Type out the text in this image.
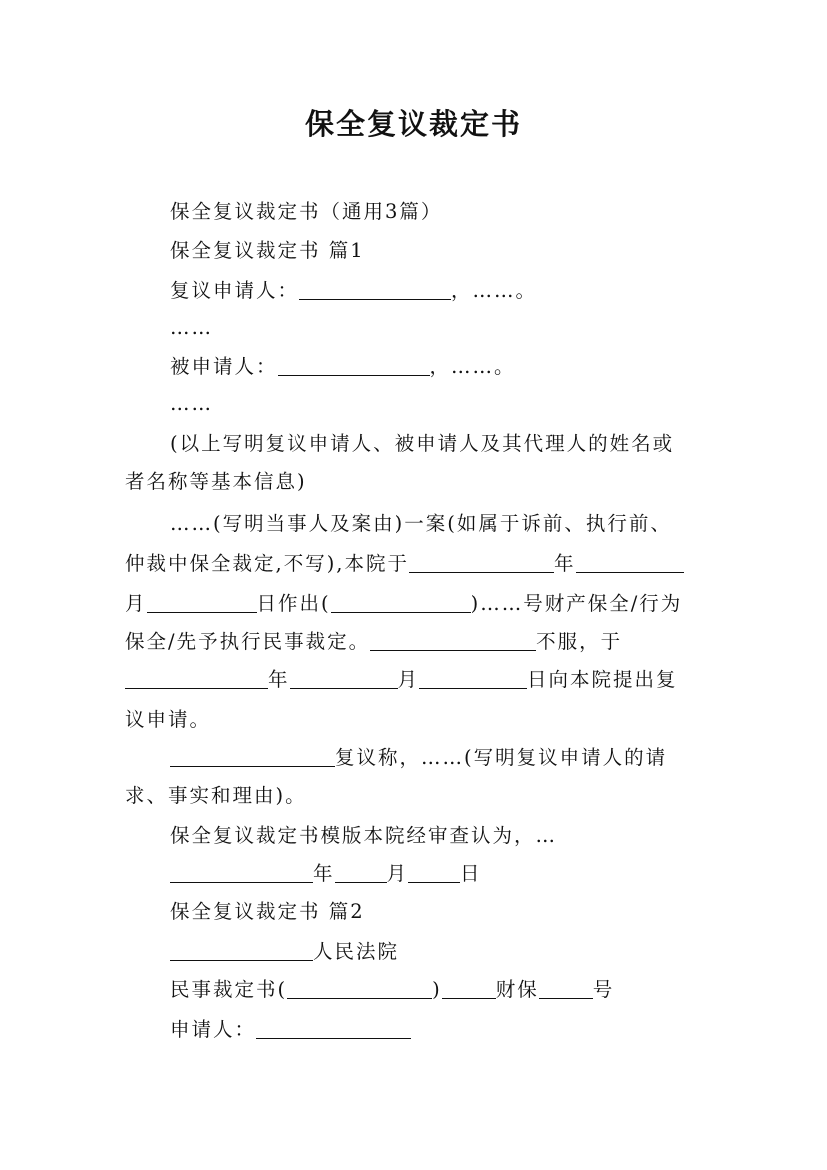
保全复议裁定书
保全复议裁定书（通用3篇）
保全复议裁定书 篇1
复议申请人：	，……。
……
被申请人：	，……。
……
(以上写明复议申请人、被申请人及其代理人的姓名或
者名称等基本信息)
……(写明当事人及案由)一案(如属于诉前、执行前、
仲裁中保全裁定,不写),本院于	年
月	日作出(	)……号财产保全/行为
保全/先予执行民事裁定。	不服，于
年	月	日向本院提出复
议申请。
复议称，……(写明复议申请人的请
求、事实和理由)。
保全复议裁定书模版本院经审查认为，…
年	月	日
保全复议裁定书 篇2
人民法院
民事裁定书(	)	财保	号
申请人：
